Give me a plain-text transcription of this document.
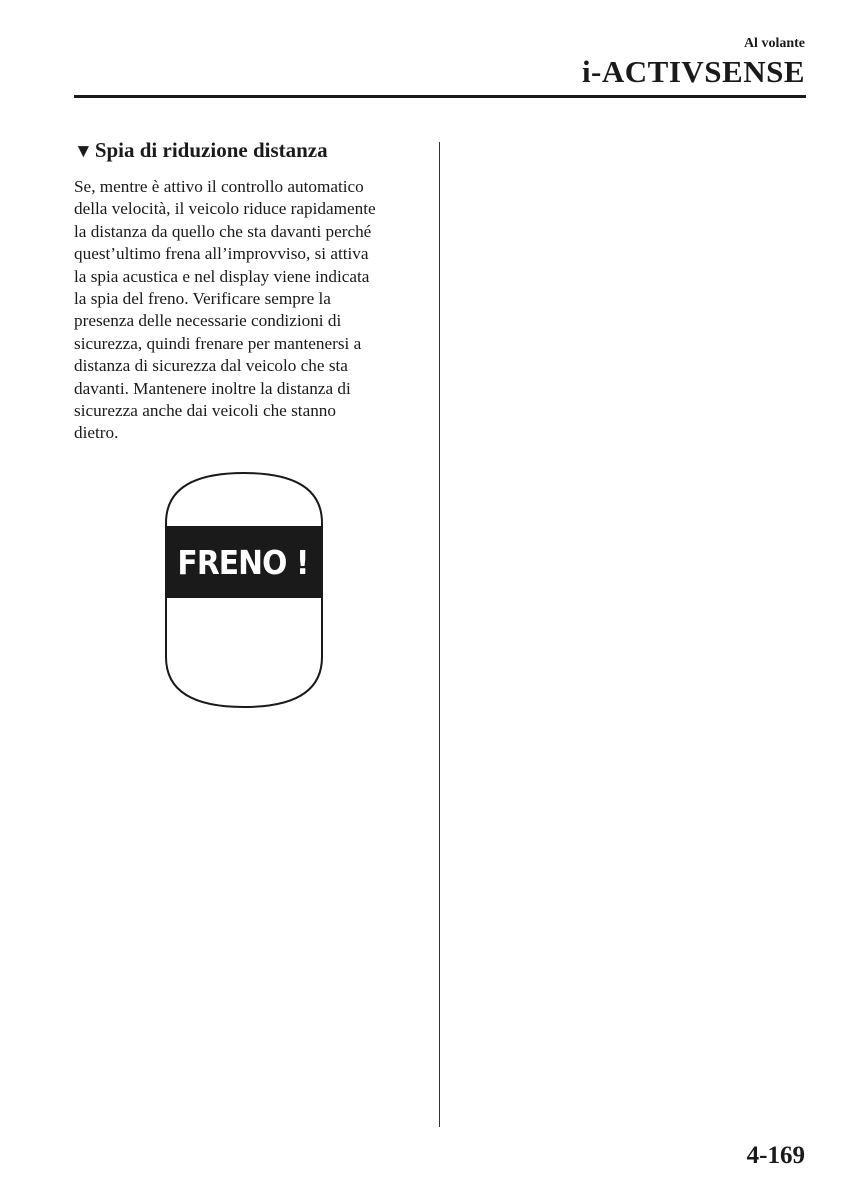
Al volante
i-ACTIVSENSE
▼Spia di riduzione distanza

Se, mentre è attivo il controllo automatico
della velocità, il veicolo riduce rapidamente
la distanza da quello che sta davanti perché
quest’ultimo frena all’improvviso, si attiva
la spia acustica e nel display viene indicata
la spia del freno. Verificare sempre la
presenza delle necessarie condizioni di
sicurezza, quindi frenare per mantenersi a
distanza di sicurezza dal veicolo che sta
davanti. Mantenere inoltre la distanza di
sicurezza anche dai veicoli che stanno
dietro.

FRENO !
4-169
